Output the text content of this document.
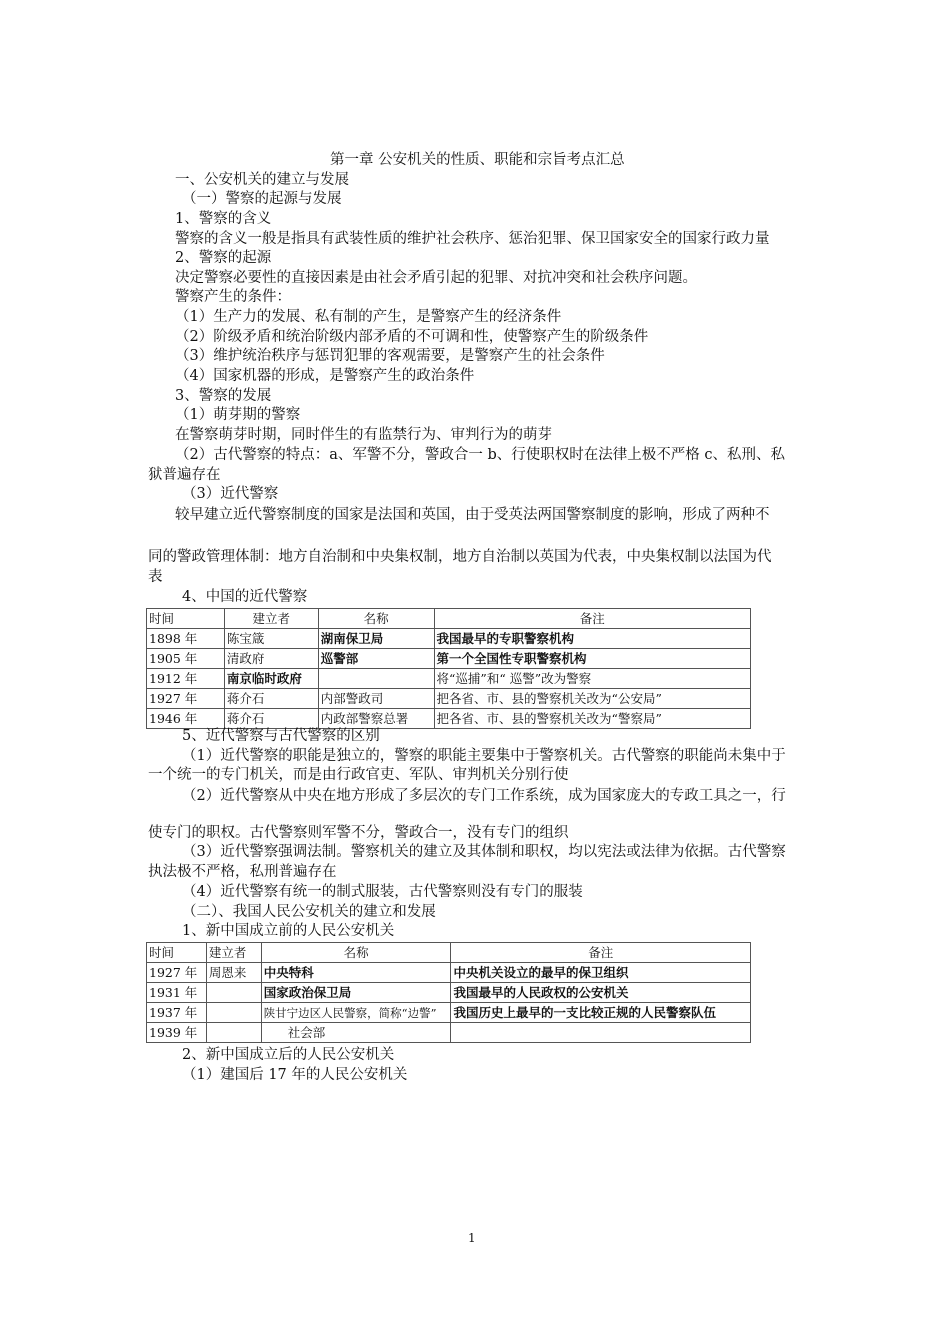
第一章 公安机关的性质、职能和宗旨考点汇总
一、公安机关的建立与发展
（一）警察的起源与发展
1、警察的含义
警察的含义一般是指具有武装性质的维护社会秩序、惩治犯罪、保卫国家安全的国家行政力量
2、警察的起源
决定警察必要性的直接因素是由社会矛盾引起的犯罪、对抗冲突和社会秩序问题。
警察产生的条件：
（1）生产力的发展、私有制的产生，是警察产生的经济条件
（2）阶级矛盾和统治阶级内部矛盾的不可调和性，使警察产生的阶级条件
（3）维护统治秩序与惩罚犯罪的客观需要，是警察产生的社会条件
（4）国家机器的形成，是警察产生的政治条件
3、警察的发展
（1）萌芽期的警察
在警察萌芽时期，同时伴生的有监禁行为、审判行为的萌芽
（2）古代警察的特点：a、军警不分，警政合一 b、行使职权时在法律上极不严格 c、私刑、私
狱普遍存在
（3）近代警察
较早建立近代警察制度的国家是法国和英国，由于受英法两国警察制度的影响，形成了两种不
同的警政管理体制：地方自治制和中央集权制，地方自治制以英国为代表，中央集权制以法国为代
表
4、中国的近代警察
时间	建立者	名称	备注
1898 年	陈宝箴	湖南保卫局	我国最早的专职警察机构
1905 年	清政府	巡警部	第一个全国性专职警察机构
1912 年	南京临时政府		将“巡捕”和“ 巡警”改为警察
1927 年	蒋介石	内部警政司	把各省、市、县的警察机关改为“公安局”
1946 年	蒋介石	内政部警察总署	把各省、市、县的警察机关改为“警察局”
5、近代警察与古代警察的区别
（1）近代警察的职能是独立的，警察的职能主要集中于警察机关。古代警察的职能尚未集中于
一个统一的专门机关，而是由行政官吏、军队、审判机关分别行使
（2）近代警察从中央在地方形成了多层次的专门工作系统，成为国家庞大的专政工具之一，行
使专门的职权。古代警察则军警不分，警政合一，没有专门的组织
（3）近代警察强调法制。警察机关的建立及其体制和职权，均以宪法或法律为依据。古代警察
执法极不严格，私刑普遍存在
（4）近代警察有统一的制式服装，古代警察则没有专门的服装
（二）、我国人民公安机关的建立和发展
1、新中国成立前的人民公安机关
时间	建立者	名称	备注
1927 年	周恩来	中央特科	中央机关设立的最早的保卫组织
1931 年		国家政治保卫局	我国最早的人民政权的公安机关
1937 年		陕甘宁边区人民警察，简称“边警”	我国历史上最早的一支比较正规的人民警察队伍
1939 年		社会部	
2、新中国成立后的人民公安机关
（1）建国后 17 年的人民公安机关
1
